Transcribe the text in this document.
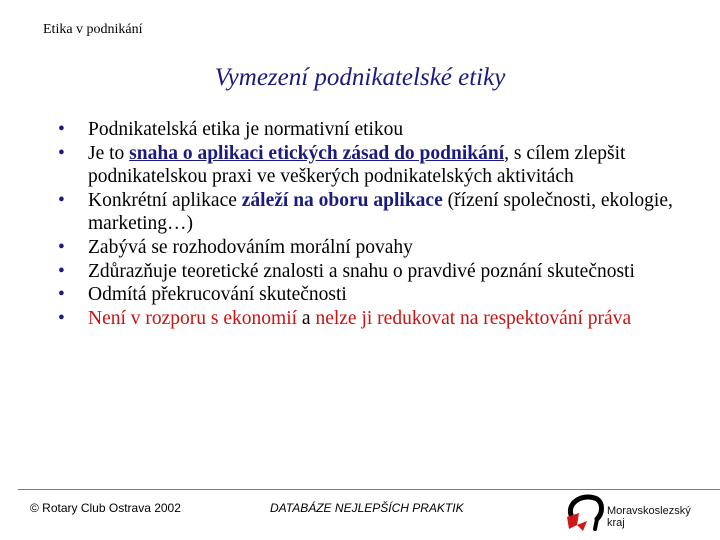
Etika v podnikání
Vymezení podnikatelské etiky
• Podnikatelská etika je normativní etikou
• Je to snaha o aplikaci etických zásad do podnikání, s cílem zlepšit podnikatelskou praxi ve veškerých podnikatelských aktivitách
• Konkrétní aplikace záleží na oboru aplikace (řízení společnosti, ekologie, marketing…)
• Zabývá se rozhodováním morální povahy
• Zdůrazňuje teoretické znalosti a snahu o pravdivé poznání skutečnosti
• Odmítá překrucování skutečnosti
• Není v rozporu s ekonomií a nelze ji redukovat na respektování práva
© Rotary Club Ostrava 2002	DATABÁZE NEJLEPŠÍCH PRAKTIK	Moravskoslezský
kraj
